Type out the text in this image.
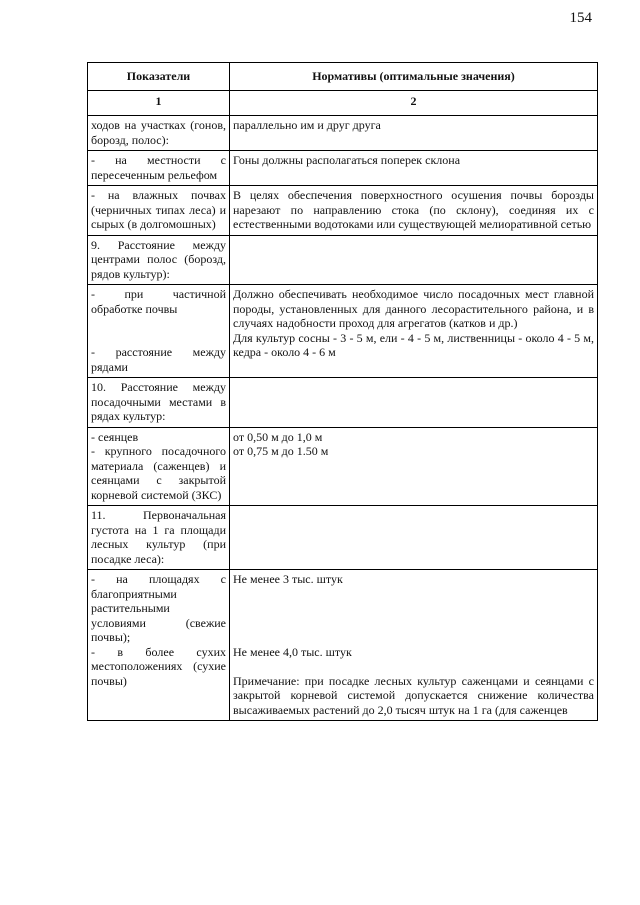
154
Показатели	Нормативы (оптимальные значения)
1	2

ходов на участках (гонов, борозд, полос):	параллельно им и друг друга

- на местности с пересеченным рельефом	Гоны должны располагаться поперек склона

- на влажных почвах (черничных типах леса) и сырых (в долгомошных)	В целях обеспечения поверхностного осушения почвы борозды нарезают по направлению стока (по склону), соединяя их с естественными водотоками или существующей мелиоративной сетью

9. Расстояние между центрами полос (борозд, рядов культур):	

- при частичной обработке почвы
- расстояние между рядами	Должно обеспечивать необходимое число посадочных мест главной породы, установленных для данного лесорастительного района, и в случаях надобности проход для агрегатов (катков и др.)
Для культур сосны - 3 - 5 м, ели - 4 - 5 м, лиственницы - около 4 - 5 м, кедра - около 4 - 6 м

10. Расстояние между посадочными местами в рядах культур:	

- сеянцев
- крупного посадочного материала (саженцев) и сеянцами с закрытой корневой системой (ЗКС)	от 0,50 м до 1,0 м
от 0,75 м до 1.50 м

11. Первоначальная густота на 1 га площади лесных культур (при посадке леса):	

- на площадях с благоприятными растительными условиями (свежие почвы);
- в более сухих местоположениях (сухие почвы)	Не менее 3 тыс. штук
Не менее 4,0 тыс. штук
Примечание: при посадке лесных культур саженцами и сеянцами с закрытой корневой системой допускается снижение количества высаживаемых растений до 2,0 тысяч штук на 1 га (для саженцев
